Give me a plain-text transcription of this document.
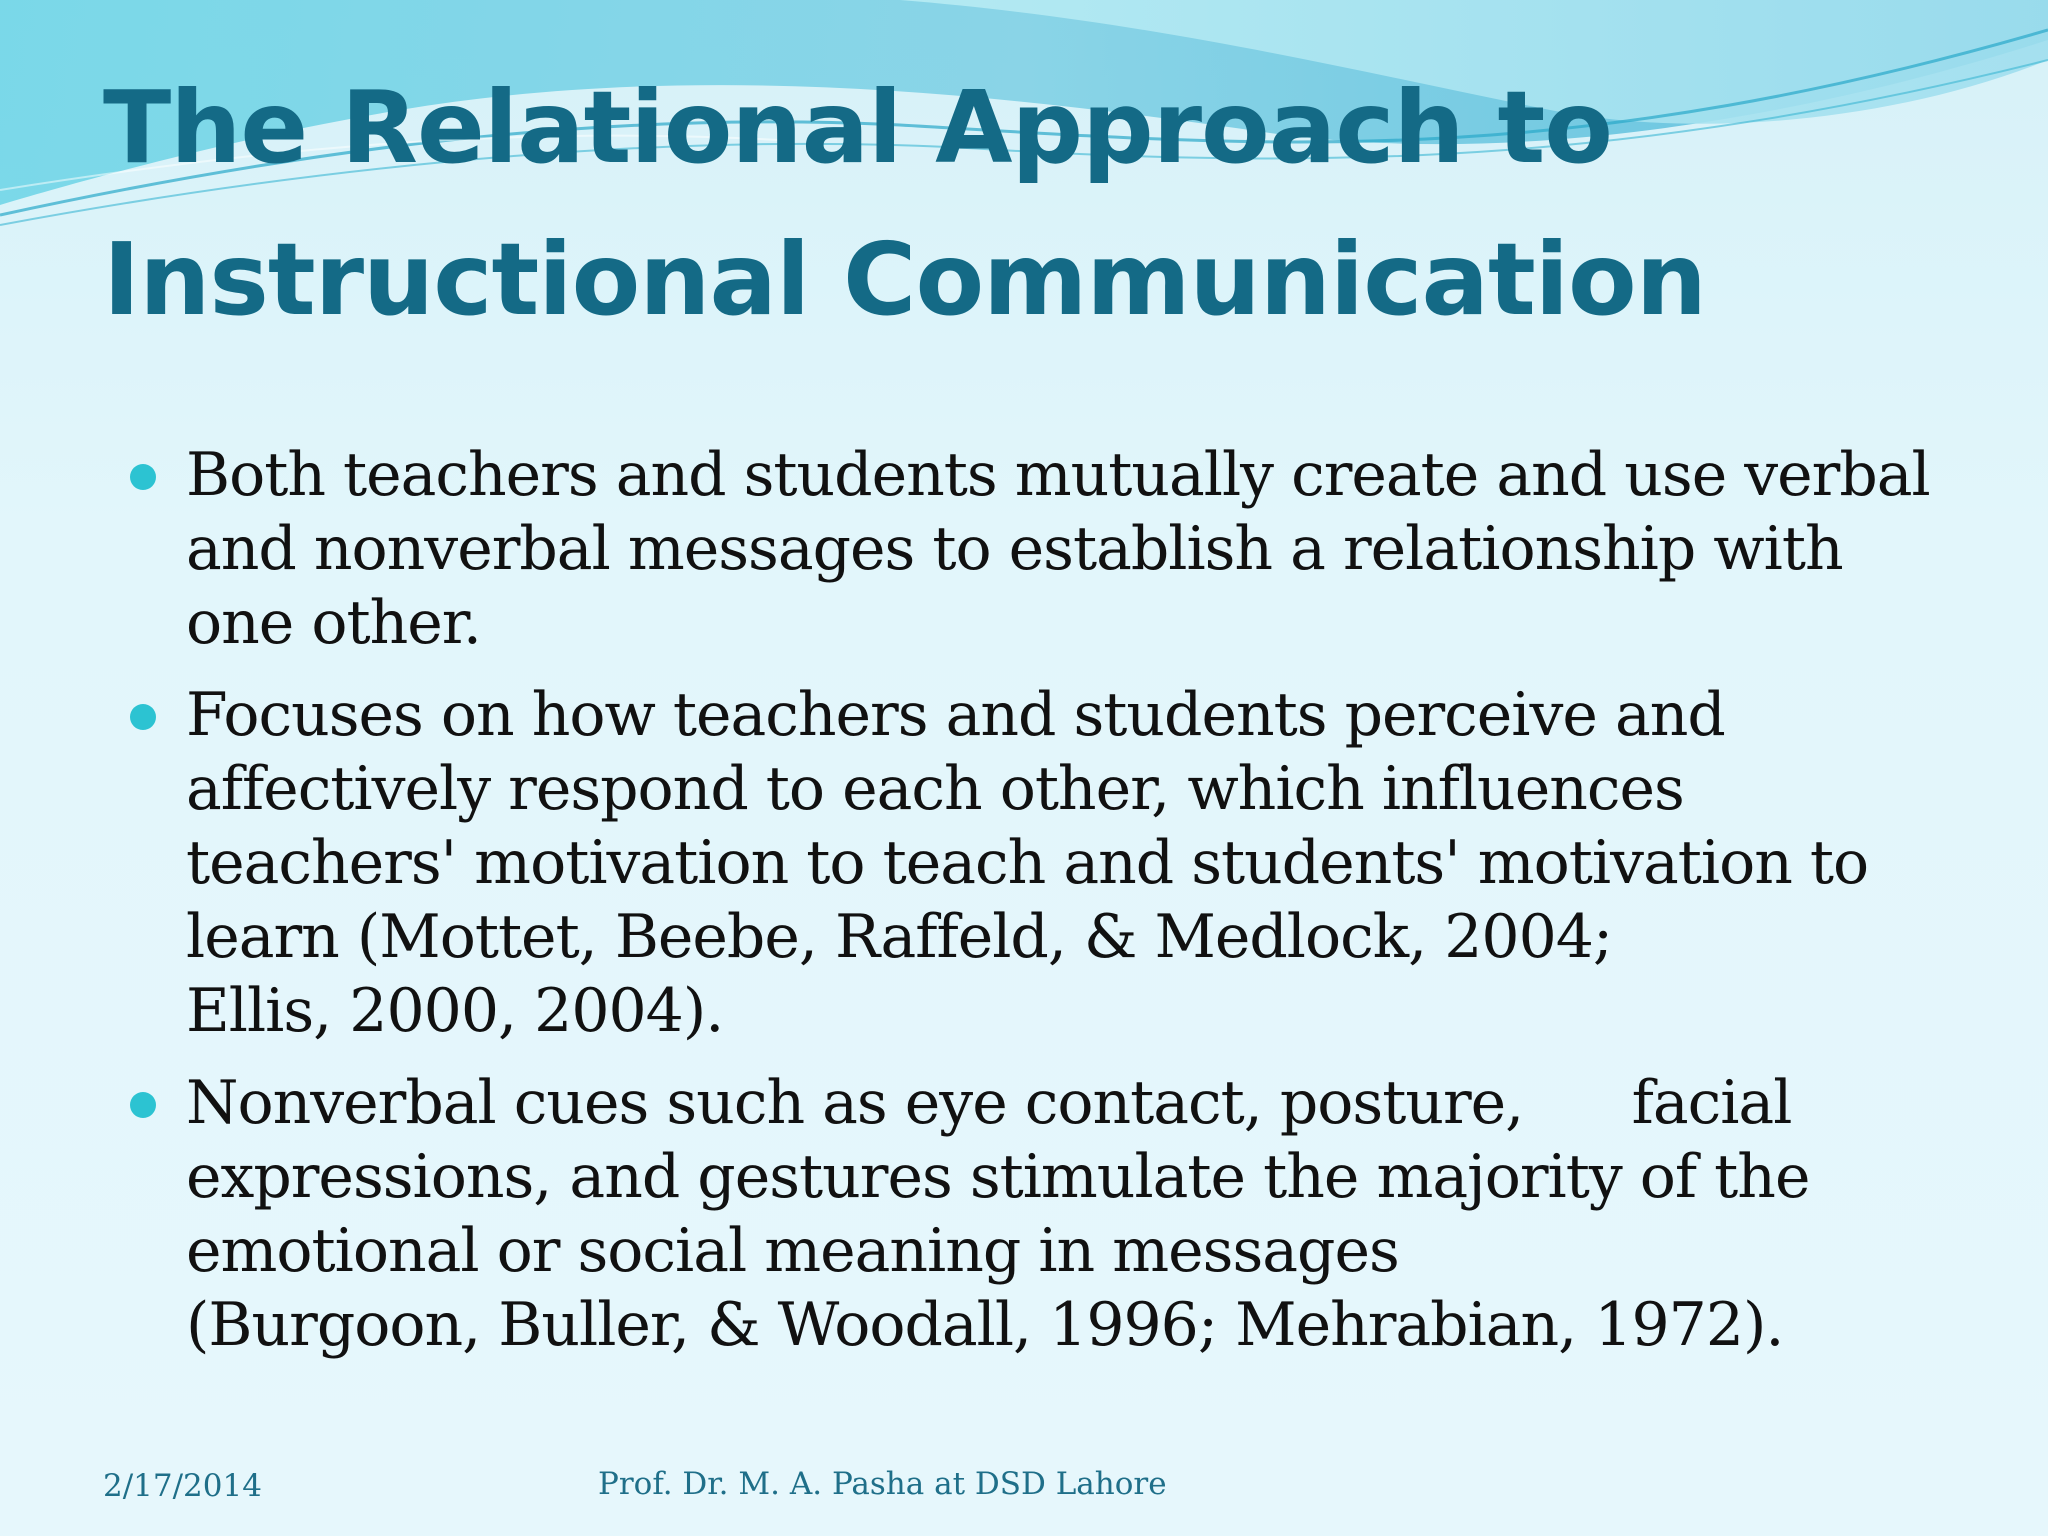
The Relational Approach to
Instructional Communication
Both teachers and students mutually create and use verbal
and nonverbal messages to establish a relationship with
one other.
Focuses on how teachers and students perceive and
affectively respond to each other, which influences
teachers' motivation to teach and students' motivation to
learn (Mottet, Beebe, Raffeld, & Medlock, 2004;
Ellis, 2000, 2004).
Nonverbal cues such as eye contact, posture,      facial
expressions, and gestures stimulate the majority of the
emotional or social meaning in messages
(Burgoon, Buller, & Woodall, 1996; Mehrabian, 1972).
2/17/2014	Prof. Dr. M. A. Pasha at DSD Lahore
